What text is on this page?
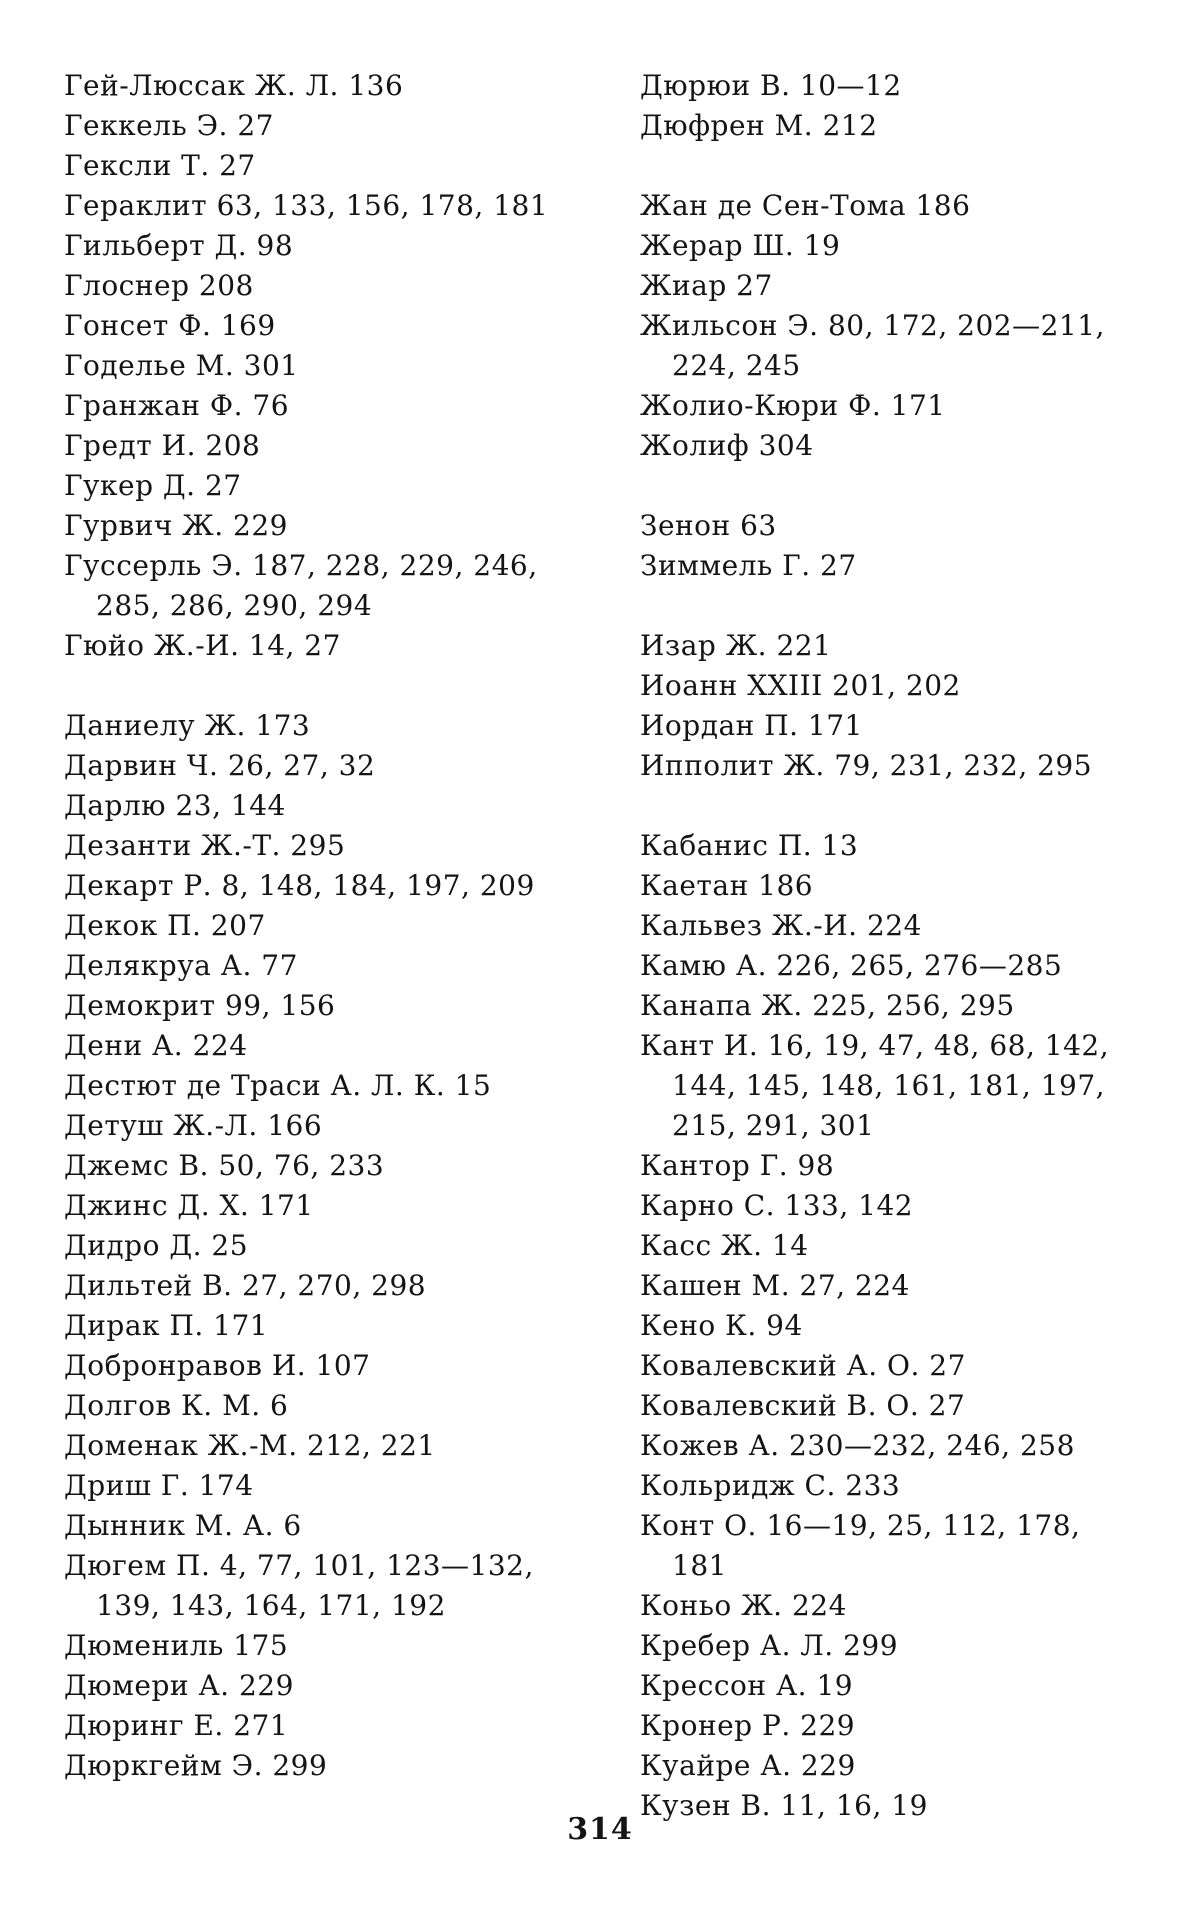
Гей-Люссак Ж. Л. 136
Геккель Э. 27
Гексли Т. 27
Гераклит 63, 133, 156, 178, 181
Гильберт Д. 98
Глоснер 208
Гонсет Ф. 169
Годелье М. 301
Гранжан Ф. 76
Гредт И. 208
Гукер Д. 27
Гурвич Ж. 229
Гуссерль Э. 187, 228, 229, 246,
285, 286, 290, 294
Гюйо Ж.-И. 14, 27
Даниелу Ж. 173
Дарвин Ч. 26, 27, 32
Дарлю 23, 144
Дезанти Ж.-Т. 295
Декарт Р. 8, 148, 184, 197, 209
Декок П. 207
Делякруа А. 77
Демокрит 99, 156
Дени А. 224
Дестют де Траси А. Л. К. 15
Детуш Ж.-Л. 166
Джемс В. 50, 76, 233
Джинс Д. Х. 171
Дидро Д. 25
Дильтей В. 27, 270, 298
Дирак П. 171
Добронравов И. 107
Долгов К. М. 6
Доменак Ж.-М. 212, 221
Дриш Г. 174
Дынник М. А. 6
Дюгем П. 4, 77, 101, 123—132,
139, 143, 164, 171, 192
Дюмениль 175
Дюмери А. 229
Дюринг Е. 271
Дюркгейм Э. 299
Дюрюи В. 10—12
Дюфрен М. 212
Жан де Сен-Тома 186
Жерар Ш. 19
Жиар 27
Жильсон Э. 80, 172, 202—211,
224, 245
Жолио-Кюри Ф. 171
Жолиф 304
Зенон 63
Зиммель Г. 27
Изар Ж. 221
Иоанн XXIII 201, 202
Иордан П. 171
Ипполит Ж. 79, 231, 232, 295
Кабанис П. 13
Каетан 186
Кальвез Ж.-И. 224
Камю А. 226, 265, 276—285
Канапа Ж. 225, 256, 295
Кант И. 16, 19, 47, 48, 68, 142,
144, 145, 148, 161, 181, 197,
215, 291, 301
Кантор Г. 98
Карно С. 133, 142
Касс Ж. 14
Кашен М. 27, 224
Кено К. 94
Ковалевский А. О. 27
Ковалевский В. О. 27
Кожев А. 230—232, 246, 258
Кольридж С. 233
Конт О. 16—19, 25, 112, 178,
181
Коньо Ж. 224
Кребер А. Л. 299
Крессон А. 19
Кронер Р. 229
Куайре А. 229
Кузен В. 11, 16, 19
314
